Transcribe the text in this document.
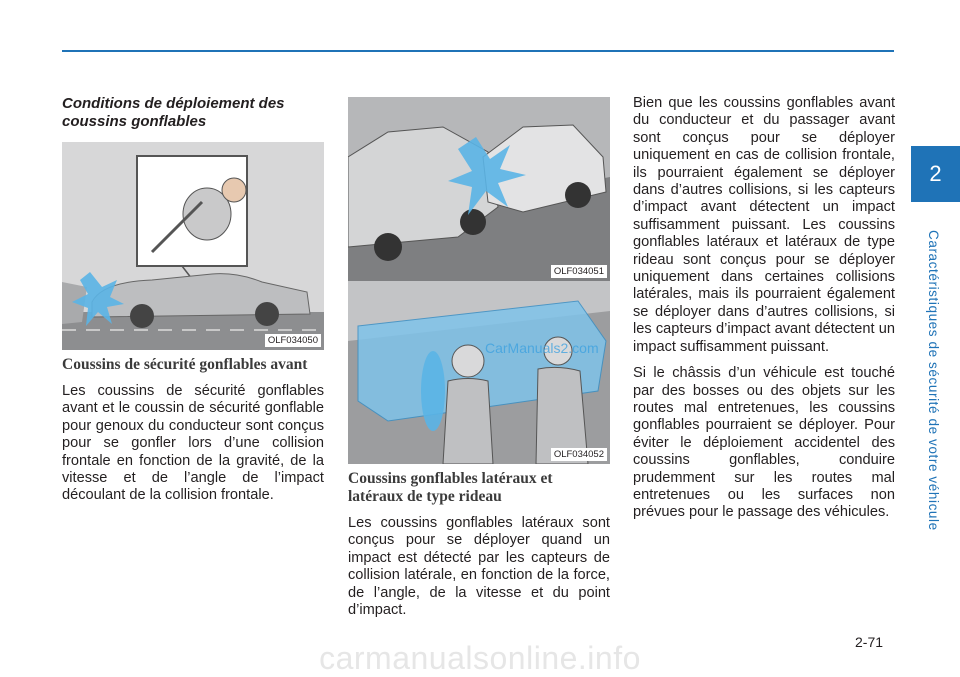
2
Caractéristiques de sécurité de votre véhicule
Conditions de déploiement des coussins gonflables
OLF034050
Coussins de sécurité gonflables avant

Les coussins de sécurité gonflables avant et le coussin de sécurité gonflable pour genoux du conducteur sont conçus pour se gonfler lors d’une collision frontale en fonction de la gravité, de la vitesse et de l’angle de l’impact découlant de la collision frontale.

OLF034051
OLF034052
CarManuals2.com
Coussins gonflables latéraux et latéraux de type rideau

Les coussins gonflables latéraux sont conçus pour se déployer quand un impact est détecté par les capteurs de collision latérale, en fonction de la force, de l’angle, de la vitesse et du point d’impact.

Bien que les coussins gonflables avant du conducteur et du passager avant sont conçus pour se déployer uniquement en cas de collision frontale, ils pourraient également se déployer dans d’autres collisions, si les capteurs d’impact avant détectent un impact suffisamment puissant. Les coussins gonflables latéraux et latéraux de type rideau sont conçus pour se déployer uniquement dans certaines collisions latérales, mais ils pourraient également se déployer dans d’autres collisions, si les capteurs d’impact avant détectent un impact suffisamment puissant.

Si le châssis d’un véhicule est touché par des bosses ou des objets sur les routes mal entretenues, les coussins gonflables pourraient se déployer. Pour éviter le déploiement accidentel des coussins gonflables, conduire prudemment sur les routes mal entretenues ou les surfaces non prévues pour le passage des véhicules.

2-71
carmanualsonline.info
